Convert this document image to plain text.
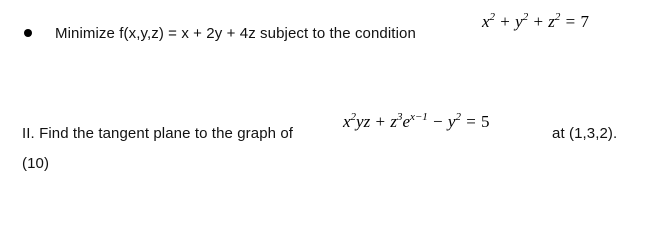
Minimize f(x,y,z) = x + 2y + 4z subject to the condition
$x^2 + y^2 + z^2 = 7$
II. Find the tangent plane to the graph of
$x^2yz + z^3e^{x-1} - y^2 = 5$
at (1,3,2).
(10)
